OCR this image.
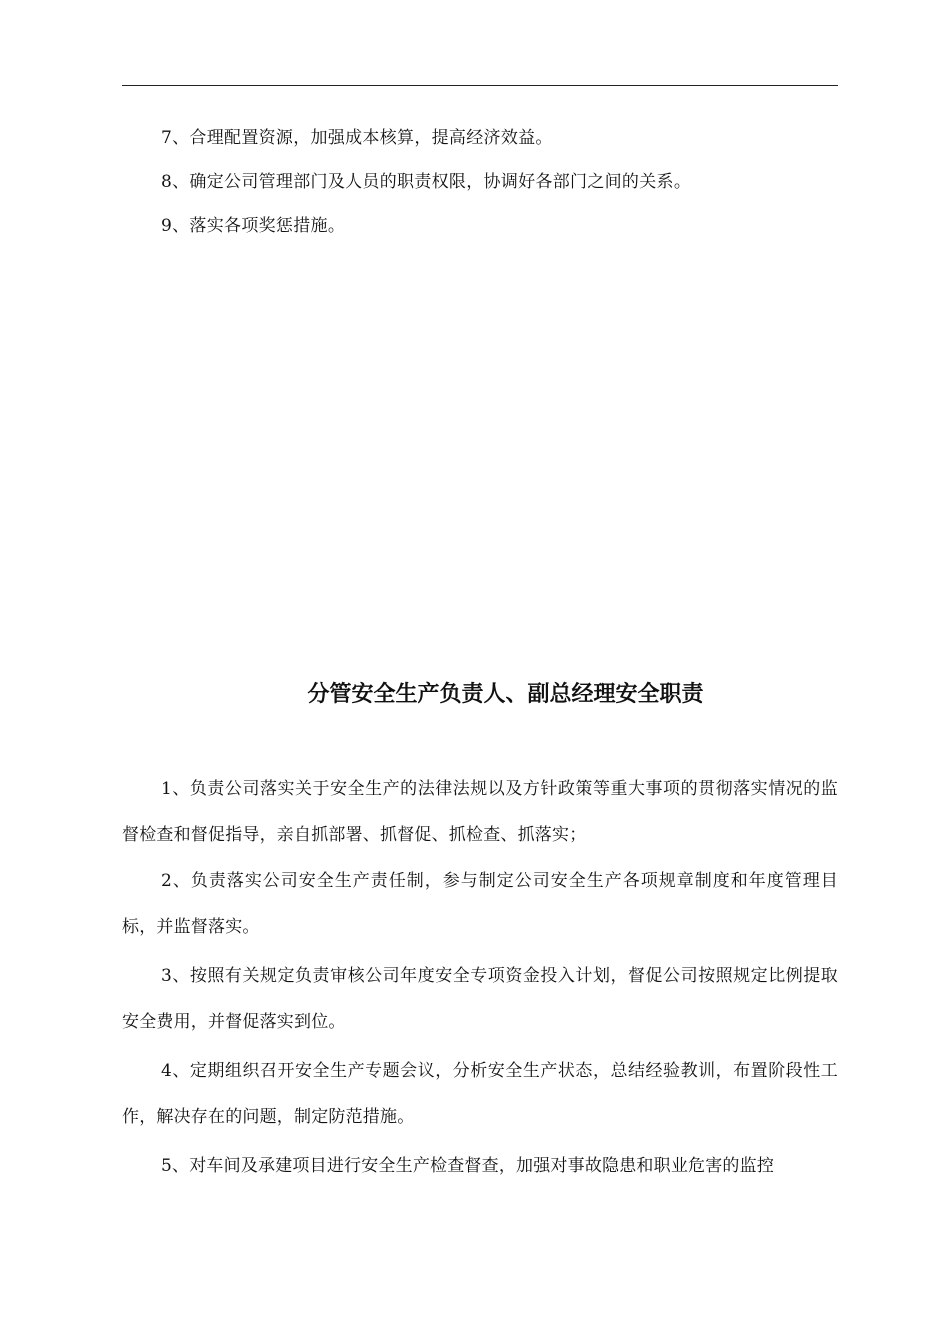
7、合理配置资源，加强成本核算，提高经济效益。
8、确定公司管理部门及人员的职责权限，协调好各部门之间的关系。
9、落实各项奖惩措施。
分管安全生产负责人、副总经理安全职责

1、负责公司落实关于安全生产的法律法规以及方针政策等重大事项的贯彻落实情况的监督检查和督促指导，亲自抓部署、抓督促、抓检查、抓落实；

2、负责落实公司安全生产责任制，参与制定公司安全生产各项规章制度和年度管理目标，并监督落实。

3、按照有关规定负责审核公司年度安全专项资金投入计划，督促公司按照规定比例提取安全费用，并督促落实到位。

4、定期组织召开安全生产专题会议，分析安全生产状态，总结经验教训，布置阶段性工作，解决存在的问题，制定防范措施。

5、对车间及承建项目进行安全生产检查督查，加强对事故隐患和职业危害的监控
